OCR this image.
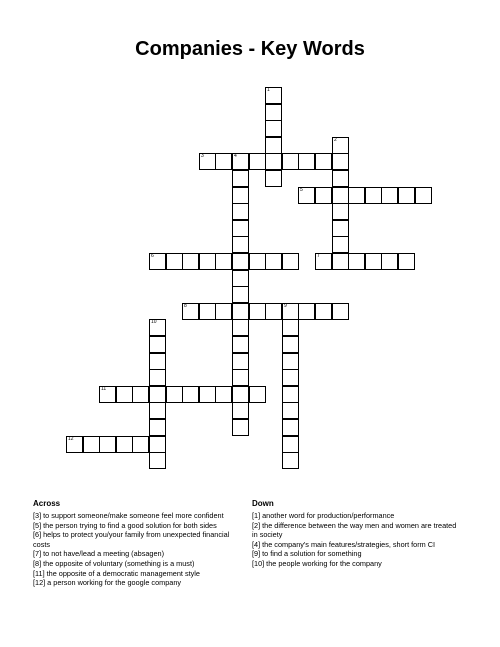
Companies - Key Words
1
2
3	4
5
6	7
8	9
10
11
12
Across
[3] to support someone/make someone feel more confident
[5] the person trying to find a good solution for both sides
[6] helps to protect you/your family from unexpected financial costs
[7] to not have/lead a meeting (absagen)
[8] the opposite of voluntary (something is a must)
[11] the opposite of a democratic management style
[12] a person working for the google company
Down
[1] another word for production/performance
[2] the difference between the way men and women are treated in society
[4] the company's main features/strategies, short form CI
[9] to find a solution for something
[10] the people working for the company
